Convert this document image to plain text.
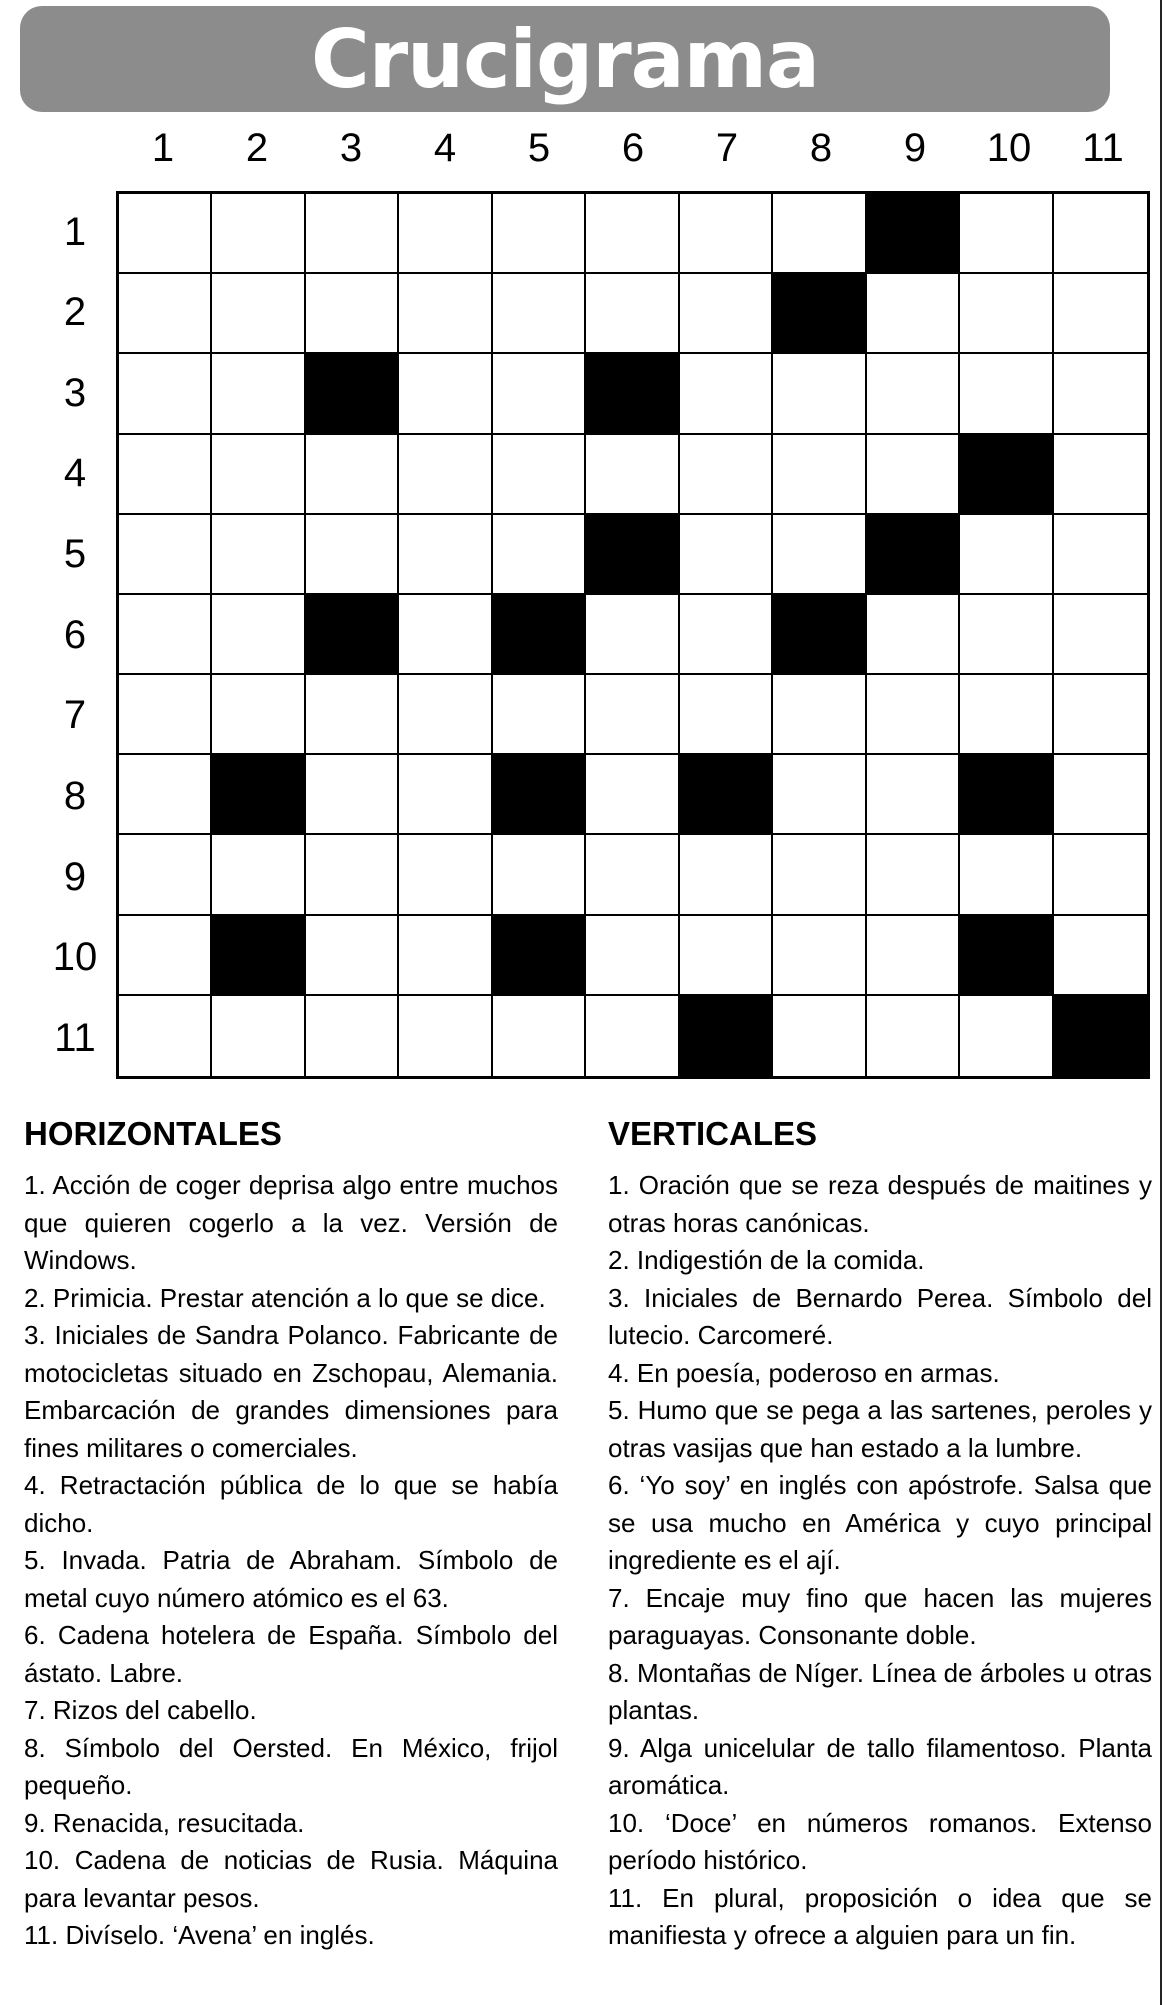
Crucigrama
1	2	3	4	5	6	7	8	9	10	11
1
2
3
4
5
6
7
8
9
10
11
HORIZONTALES

1. Acción de coger deprisa algo entre muchos que quieren cogerlo a la vez. Versión de Windows.

2. Primicia. Prestar atención a lo que se dice.

3. Iniciales de Sandra Polanco. Fabricante de motocicletas situado en Zschopau, Alemania. Embarcación de grandes dimensiones para fines militares o comerciales.

4. Retractación pública de lo que se había dicho.

5. Invada. Patria de Abraham. Símbolo de metal cuyo número atómico es el 63.

6. Cadena hotelera de España. Símbolo del ástato. Labre.

7. Rizos del cabello.

8. Símbolo del Oersted. En México, frijol pequeño.

9. Renacida, resucitada.

10. Cadena de noticias de Rusia. Máquina para levantar pesos.

11. Divíselo. ‘Avena’ en inglés.

VERTICALES

1. Oración que se reza después de maitines y otras horas canónicas.

2. Indigestión de la comida.

3. Iniciales de Bernardo Perea. Símbolo del lutecio. Carcomeré.

4. En poesía, poderoso en armas.

5. Humo que se pega a las sartenes, peroles y otras vasijas que han estado a la lumbre.

6. ‘Yo soy’ en inglés con apóstrofe. Salsa que se usa mucho en América y cuyo principal ingrediente es el ají.

7. Encaje muy fino que hacen las mujeres paraguayas. Consonante doble.

8. Montañas de Níger. Línea de árboles u otras plantas.

9. Alga unicelular de tallo filamentoso. Planta aromática.

10. ‘Doce’ en números romanos. Extenso período histórico.

11. En plural, proposición o idea que se manifiesta y ofrece a alguien para un fin.
